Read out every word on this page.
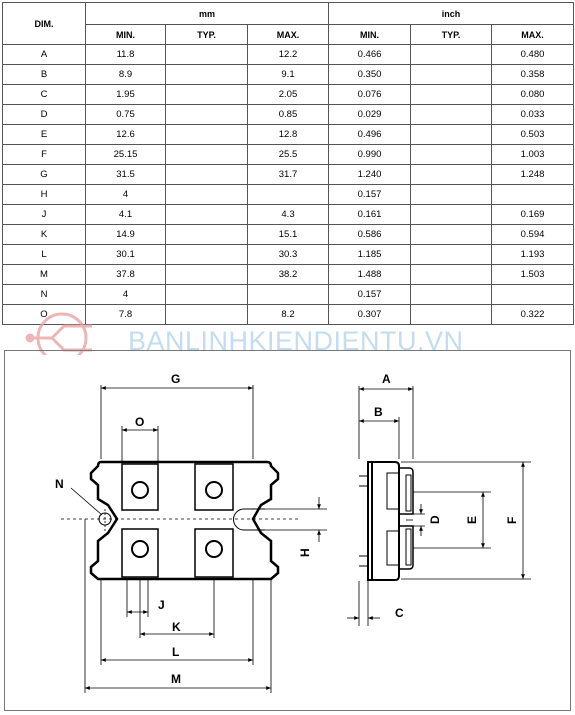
DIM.	mm			inch		
	MIN.	TYP.	MAX.	MIN.	TYP.	MAX.
A	11.8		12.2	0.466		0.480
B	8.9		9.1	0.350		0.358
C	1.95		2.05	0.076		0.080
D	0.75		0.85	0.029		0.033
E	12.6		12.8	0.496		0.503
F	25.15		25.5	0.990		1.003
G	31.5		31.7	1.240		1.248
H	4			0.157		
J	4.1		4.3	0.161		0.169
K	14.9		15.1	0.586		0.594
L	30.1		30.3	1.185		1.193
M	37.8		38.2	1.488		1.503
N	4			0.157		
O	7.8		8.2	0.307		0.322
BANLINHKIENDIENTU.VN
G
O
N
H
J
K
L
M
A
B
C
D E F
